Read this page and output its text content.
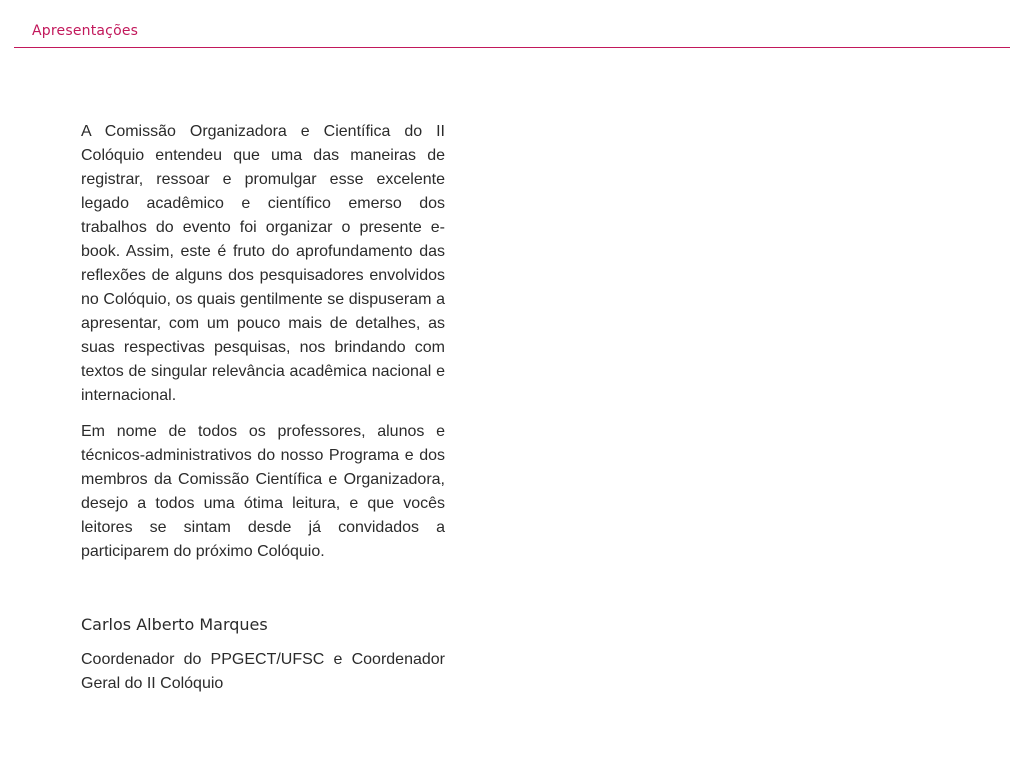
Apresentações

A Comissão Organizadora e Científica do II Colóquio entendeu que uma das maneiras de registrar, ressoar e promulgar esse excelente legado acadêmico e científico emerso dos trabalhos do evento foi organizar o presente e-book. Assim, este é fruto do aprofundamento das reflexões de alguns dos pesquisadores envolvidos no Colóquio, os quais gentilmente se dispuseram a apresentar, com um pouco mais de detalhes, as suas respectivas pesquisas, nos brindando com textos de singular relevância acadêmica nacional e internacional.

Em nome de todos os professores, alunos e técnicos-administrativos do nosso Programa e dos membros da Comissão Científica e Organizadora, desejo a todos uma ótima leitura, e que vocês leitores se sintam desde já convidados a participarem do próximo Colóquio.

Carlos Alberto Marques

Coordenador do PPGECT/UFSC e Coordenador Geral do II Colóquio
